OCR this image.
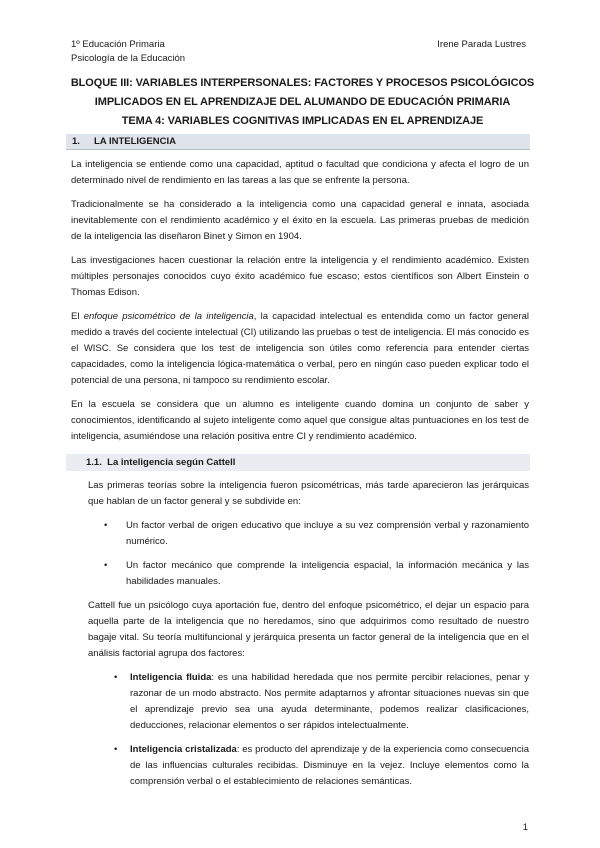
1º Educación Primaria
Psicología de la Educación
Irene Parada Lustres
BLOQUE III: VARIABLES INTERPERSONALES: FACTORES Y PROCESOS PSICOLÓGICOS
IMPLICADOS EN EL APRENDIZAJE DEL ALUMANDO DE EDUCACIÓN PRIMARIA
TEMA 4: VARIABLES COGNITIVAS IMPLICADAS EN EL APRENDIZAJE
1. LA INTELIGENCIA

La inteligencia se entiende como una capacidad, aptitud o facultad que condiciona y afecta el logro de un determinado nivel de rendimiento en las tareas a las que se enfrente la persona.

Tradicionalmente se ha considerado a la inteligencia como una capacidad general e innata, asociada inevitablemente con el rendimiento académico y el éxito en la escuela. Las primeras pruebas de medición de la inteligencia las diseñaron Binet y Simon en 1904.

Las investigaciones hacen cuestionar la relación entre la inteligencia y el rendimiento académico. Existen múltiples personajes conocidos cuyo éxito académico fue escaso; estos científicos son Albert Einstein o Thomas Edison.

El enfoque psicométrico de la inteligencia, la capacidad intelectual es entendida como un factor general medido a través del cociente intelectual (CI) utilizando las pruebas o test de inteligencia. El más conocido es el WISC. Se considera que los test de inteligencia son útiles como referencia para entender ciertas capacidades, como la inteligencia lógica-matemática o verbal, pero en ningún caso pueden explicar todo el potencial de una persona, ni tampoco su rendimiento escolar.

En la escuela se considera que un alumno es inteligente cuando domina un conjunto de saber y conocimientos, identificando al sujeto inteligente como aquel que consigue altas puntuaciones en los test de inteligencia, asumiéndose una relación positiva entre CI y rendimiento académico.

1.1. La inteligencia según Cattell

Las primeras teorías sobre la inteligencia fueron psicométricas, más tarde aparecieron las jerárquicas que hablan de un factor general y se subdivide en:

• Un factor verbal de origen educativo que incluye a su vez comprensión verbal y razonamiento numérico.
• Un factor mecánico que comprende la inteligencia espacial, la información mecánica y las habilidades manuales.

Cattell fue un psicólogo cuya aportación fue, dentro del enfoque psicométrico, el dejar un espacio para aquella parte de la inteligencia que no heredamos, sino que adquirimos como resultado de nuestro bagaje vital. Su teoría multifuncional y jerárquica presenta un factor general de la inteligencia que en el análisis factorial agrupa dos factores:

• Inteligencia fluida: es una habilidad heredada que nos permite percibir relaciones, penar y razonar de un modo abstracto. Nos permite adaptarnos y afrontar situaciones nuevas sin que el aprendizaje previo sea una ayuda determinante, podemos realizar clasificaciones, deducciones, relacionar elementos o ser rápidos intelectualmente.
• Inteligencia cristalizada: es producto del aprendizaje y de la experiencia como consecuencia de las influencias culturales recibidas. Disminuye en la vejez. Incluye elementos como la comprensión verbal o el establecimiento de relaciones semánticas.
1
